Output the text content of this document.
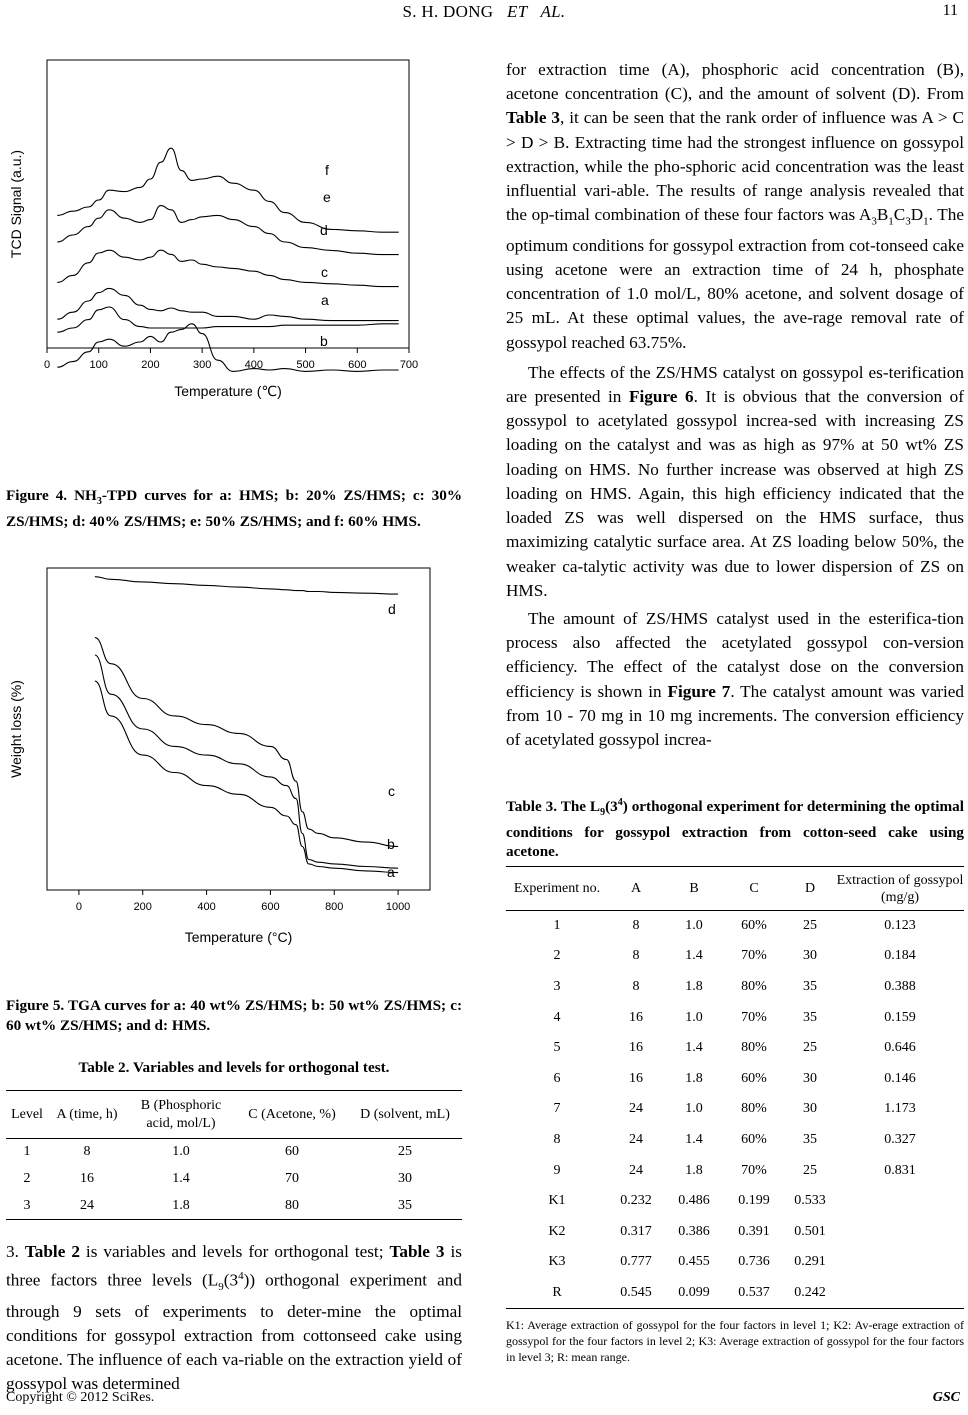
S. H. DONG   ET   AL.	11
0	100	200	300	400	500	600	700
Temperature (℃)
TCD Signal (a.u.)	f
e
d
c
a
b
Figure 4. $NH_3$-TPD curves for a: HMS; b: 20% ZS/HMS; c: 30% ZS/HMS; d: 40% ZS/HMS; e: 50% ZS/HMS; and f: 60% HMS.
0	200	400	600	800	1000
Temperature (°C)
Weight loss (%)
d
c
b
a
Figure 5. TGA curves for a: 40 wt% ZS/HMS; b: 50 wt% ZS/HMS; c: 60 wt% ZS/HMS; and d: HMS.
Table 2. Variables and levels for orthogonal test.
Level	A (time, h)	B (Phosphoric acid, mol/L)	C (Acetone, %)	D (solvent, mL)
1	8	1.0	60	25
2	16	1.4	70	30
3	24	1.8	80	35

3. Table 2 is variables and levels for orthogonal test; Table 3 is three factors three levels $(L_9(3^4))$ orthogonal experiment and through 9 sets of experiments to deter-mine the optimal conditions for gossypol extraction from cottonseed cake using acetone. The influence of each va-riable on the extraction yield of gossypol was determined

for extraction time (A), phosphoric acid concentration (B), acetone concentration (C), and the amount of solvent (D). From Table 3, it can be seen that the rank order of influence was A > C > D > B. Extracting time had the strongest influence on gossypol extraction, while the pho-sphoric acid concentration was the least influential vari-able. The results of range analysis revealed that the op-timal combination of these four factors was $A_3B_1C_3D_1$. The optimum conditions for gossypol extraction from cot-tonseed cake using acetone were an extraction time of 24 h, phosphate concentration of 1.0 mol/L, 80% acetone, and solvent dosage of 25 mL. At these optimal values, the ave-rage removal rate of gossypol reached 63.75%.

The effects of the ZS/HMS catalyst on gossypol es-terification are presented in Figure 6. It is obvious that the conversion of gossypol to acetylated gossypol increa-sed with increasing ZS loading on the catalyst and was as high as 97% at 50 wt% ZS loading on HMS. No further increase was observed at high ZS loading on HMS. Again, this high efficiency indicated that the loaded ZS was well dispersed on the HMS surface, thus maximizing catalytic surface area. At ZS loading below 50%, the weaker ca-talytic activity was due to lower dispersion of ZS on HMS.

The amount of ZS/HMS catalyst used in the esterifica-tion process also affected the acetylated gossypol con-version efficiency. The effect of the catalyst dose on the conversion efficiency is shown in Figure 7. The catalyst amount was varied from 10 - 70 mg in 10 mg increments. The conversion efficiency of acetylated gossypol increa-

Table 3. The $L_9(3^4)$ orthogonal experiment for determining the optimal conditions for gossypol extraction from cotton-seed cake using acetone.
Experiment no.	A	B	C	D	Extraction of gossypol (mg/g)
1	8	1.0	60%	25	0.123
2	8	1.4	70%	30	0.184
3	8	1.8	80%	35	0.388
4	16	1.0	70%	35	0.159
5	16	1.4	80%	25	0.646
6	16	1.8	60%	30	0.146
7	24	1.0	80%	30	1.173
8	24	1.4	60%	35	0.327
9	24	1.8	70%	25	0.831
K1	0.232	0.486	0.199	0.533	
K2	0.317	0.386	0.391	0.501	
K3	0.777	0.455	0.736	0.291	
R	0.545	0.099	0.537	0.242	
K1: Average extraction of gossypol for the four factors in level 1; K2: Av-erage extraction of gossypol for the four factors in level 2; K3: Average extraction of gossypol for the four factors in level 3; R: mean range.
Copyright © 2012 SciRes.	GSC
